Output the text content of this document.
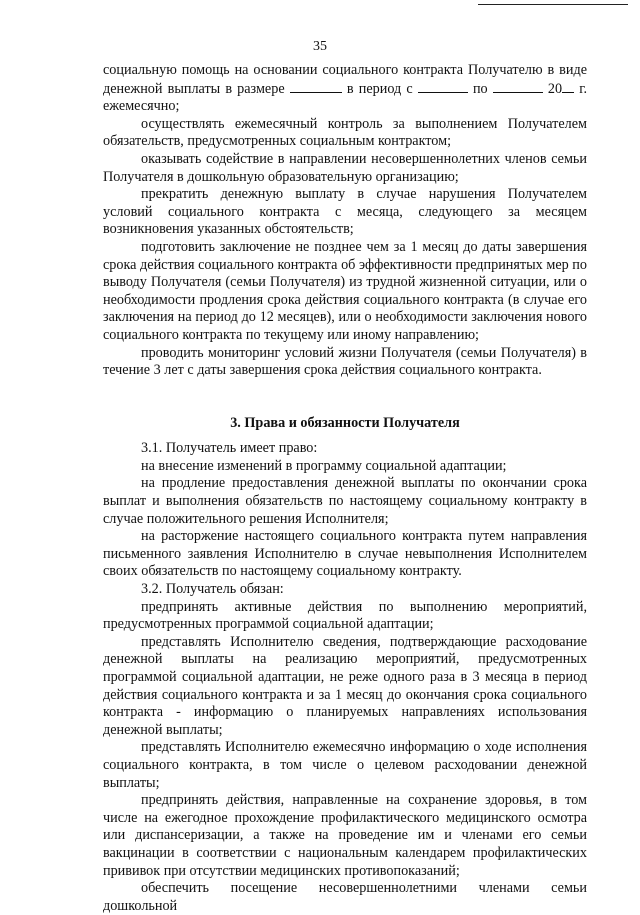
35

социальную помощь на основании социального контракта Получателю в виде

денежной выплаты в размере	в период с	по	20 г.

ежемесячно;

осуществлять ежемесячный контроль за выполнением Получателем обязательств, предусмотренных социальным контрактом;

оказывать содействие в направлении несовершеннолетних членов семьи Получателя в дошкольную образовательную организацию;

прекратить денежную выплату в случае нарушения Получателем условий социального контракта с месяца, следующего за месяцем возникновения указанных обстоятельств;

подготовить заключение не позднее чем за 1 месяц до даты завершения срока действия социального контракта об эффективности предпринятых мер по выводу Получателя (семьи Получателя) из трудной жизненной ситуации, или о необходимости продления срока действия социального контракта (в случае его заключения на период до 12 месяцев), или о необходимости заключения нового социального контракта по текущему или иному направлению;

проводить мониторинг условий жизни Получателя (семьи Получателя) в течение 3 лет с даты завершения срока действия социального контракта.

3. Права и обязанности Получателя

3.1. Получатель имеет право:

на внесение изменений в программу социальной адаптации;

на продление предоставления денежной выплаты по окончании срока выплат и выполнения обязательств по настоящему социальному контракту в случае положительного решения Исполнителя;

на расторжение настоящего социального контракта путем направления письменного заявления Исполнителю в случае невыполнения Исполнителем своих обязательств по настоящему социальному контракту.

3.2. Получатель обязан:

предпринять активные действия по выполнению мероприятий, предусмотренных программой социальной адаптации;

представлять Исполнителю сведения, подтверждающие расходование денежной выплаты на реализацию мероприятий, предусмотренных программой социальной адаптации, не реже одного раза в 3 месяца в период действия социального контракта и за 1 месяц до окончания срока социального контракта - информацию о планируемых направлениях использования денежной выплаты;

представлять Исполнителю ежемесячно информацию о ходе исполнения социального контракта, в том числе о целевом расходовании денежной выплаты;

предпринять действия, направленные на сохранение здоровья, в том числе на ежегодное прохождение профилактического медицинского осмотра или диспансеризации, а также на проведение им и членами его семьи вакцинации в соответствии с национальным календарем профилактических прививок при отсутствии медицинских противопоказаний;

обеспечить посещение несовершеннолетними членами семьи дошкольной
